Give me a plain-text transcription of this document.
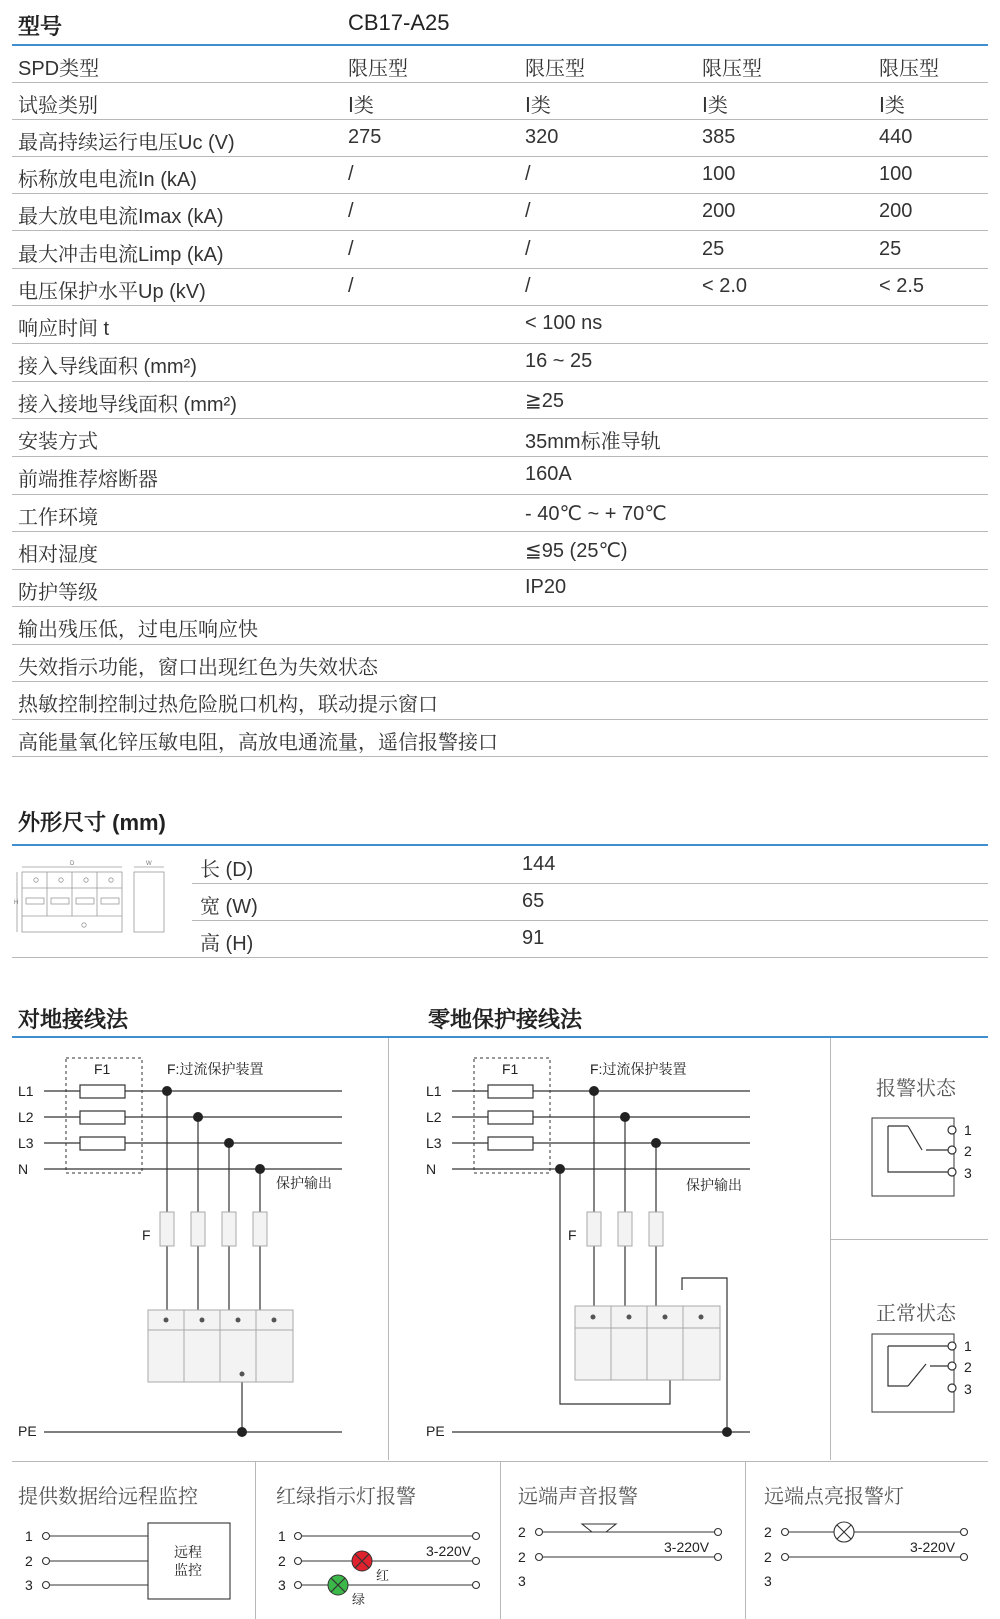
型号	CB17-A25
SPD类型	限压型	限压型	限压型	限压型
试验类别	Ⅰ类	Ⅰ类	Ⅰ类	Ⅰ类
最高持续运行电压Uc (V)	275	320	385	440
标称放电电流In (kA)	/	/	100	100
最大放电电流Imax (kA)	/	/	200	200
最大冲击电流Limp (kA)	/	/	25	25
电压保护水平Up (kV)	/	/	< 2.0	< 2.5
响应时间 t	< 100 ns
接入导线面积 (mm²)	16 ~ 25
接入接地导线面积 (mm²)	≧25
安装方式	35mm标准导轨
前端推荐熔断器	160A
工作环境	- 40℃ ~ + 70℃
相对湿度	≦95 (25℃)
防护等级	IP20
输出残压低，过电压响应快
失效指示功能，窗口出现红色为失效状态
热敏控制控制过热危险脱口机构，联动提示窗口
高能量氧化锌压敏电阻，高放电通流量，遥信报警接口
外形尺寸 (mm)
D	W
H
长 (D)	144
宽 (W)	65
高 (H)	91
对地接线法	零地保护接线法
F1	F:过流保护装置
L1
L2
L3
N
保护输出
F
PE
F1	F:过流保护装置
L1
L2
L3
N
保护输出
F
PE
报警状态
1
2
3
正常状态
1
2
3
提供数据给远程监控	红绿指示灯报警	远端声音报警	远端点亮报警灯
1
2
3
远程
监控
1
2
3
3-220V
红
绿
2
2
3
3-220V
2
2
3
3-220V
